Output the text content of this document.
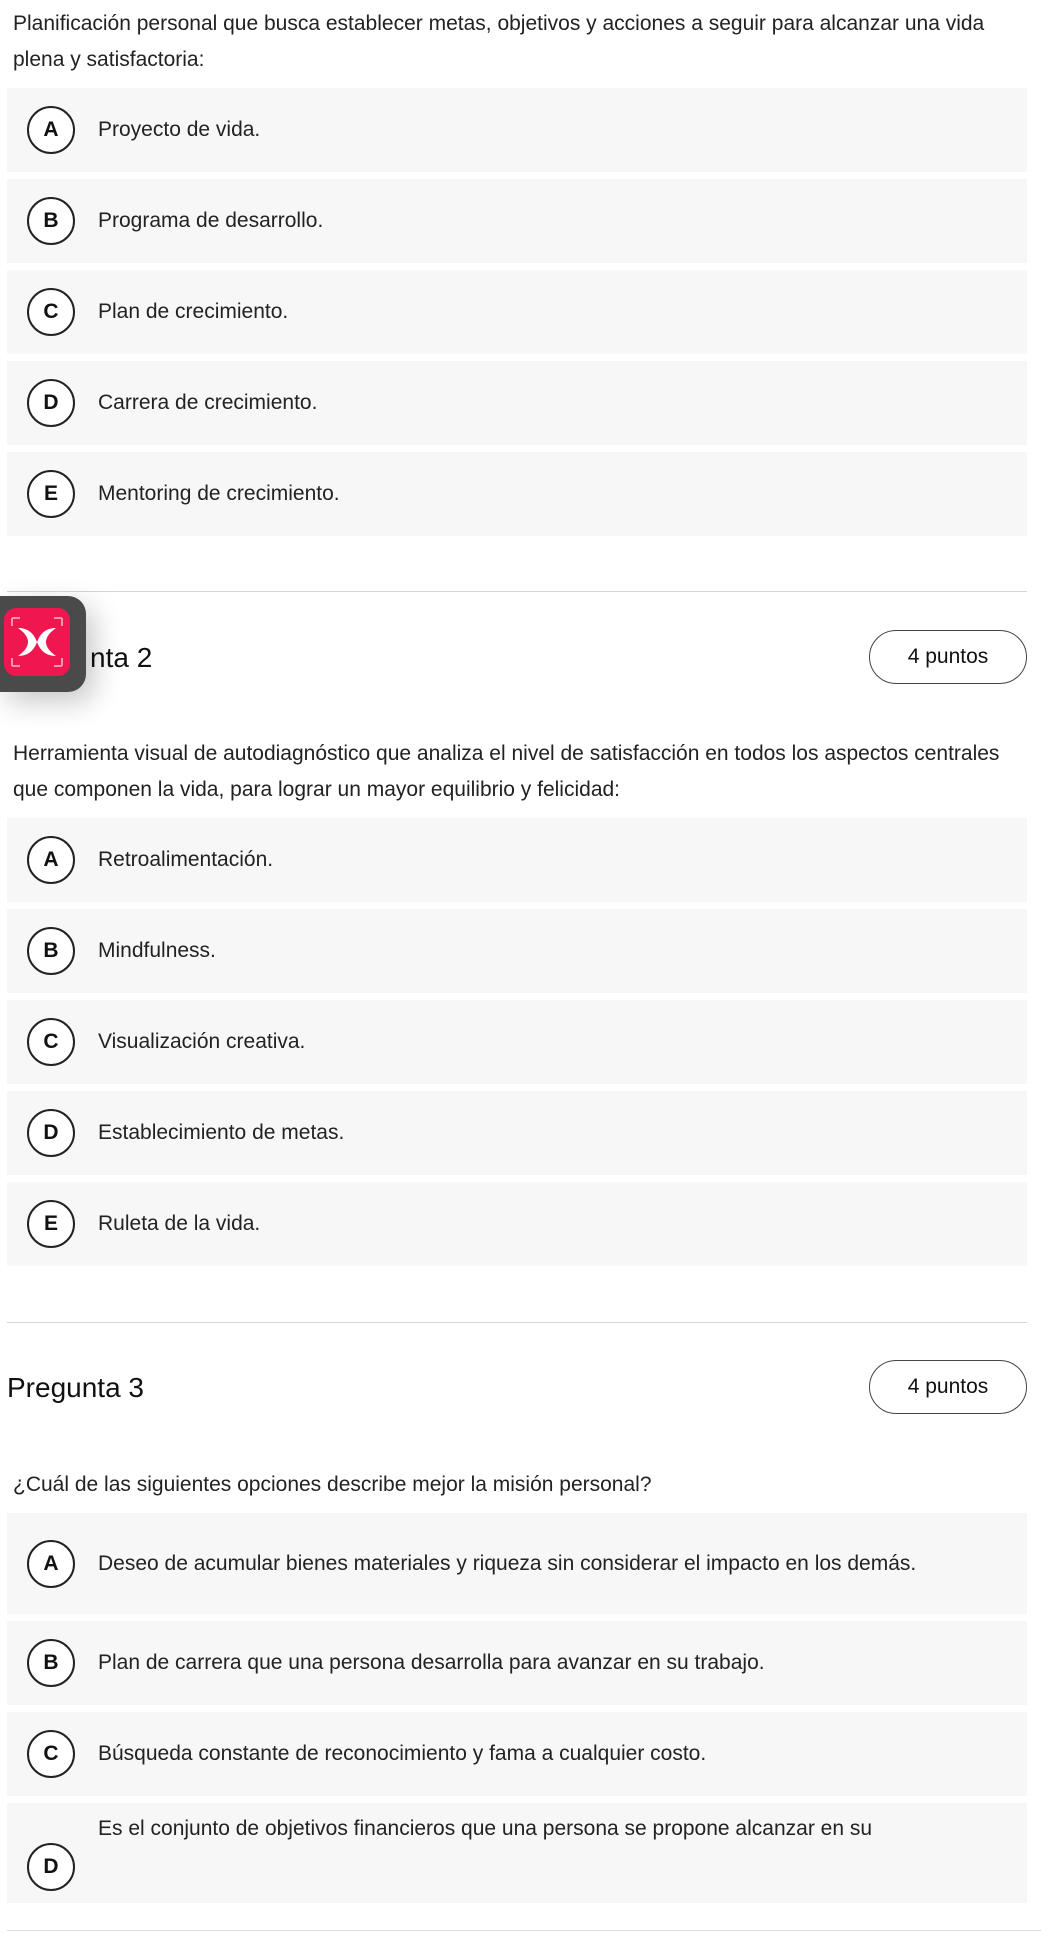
Planificación personal que busca establecer metas, objetivos y acciones a seguir para alcanzar una vida plena y satisfactoria:

A	Proyecto de vida.
B	Programa de desarrollo.
C	Plan de crecimiento.
D	Carrera de crecimiento.
E	Mentoring de crecimiento.
nta 2	4 puntos

Herramienta visual de autodiagnóstico que analiza el nivel de satisfacción en todos los aspectos centrales que componen la vida, para lograr un mayor equilibrio y felicidad:

A	Retroalimentación.
B	Mindfulness.
C	Visualización creativa.
D	Establecimiento de metas.
E	Ruleta de la vida.
Pregunta 3	4 puntos

¿Cuál de las siguientes opciones describe mejor la misión personal?

A	Deseo de acumular bienes materiales y riqueza sin considerar el impacto en los demás.
B	Plan de carrera que una persona desarrolla para avanzar en su trabajo.
C	Búsqueda constante de reconocimiento y fama a cualquier costo.
D
Es el conjunto de objetivos financieros que una persona se propone alcanzar en su
